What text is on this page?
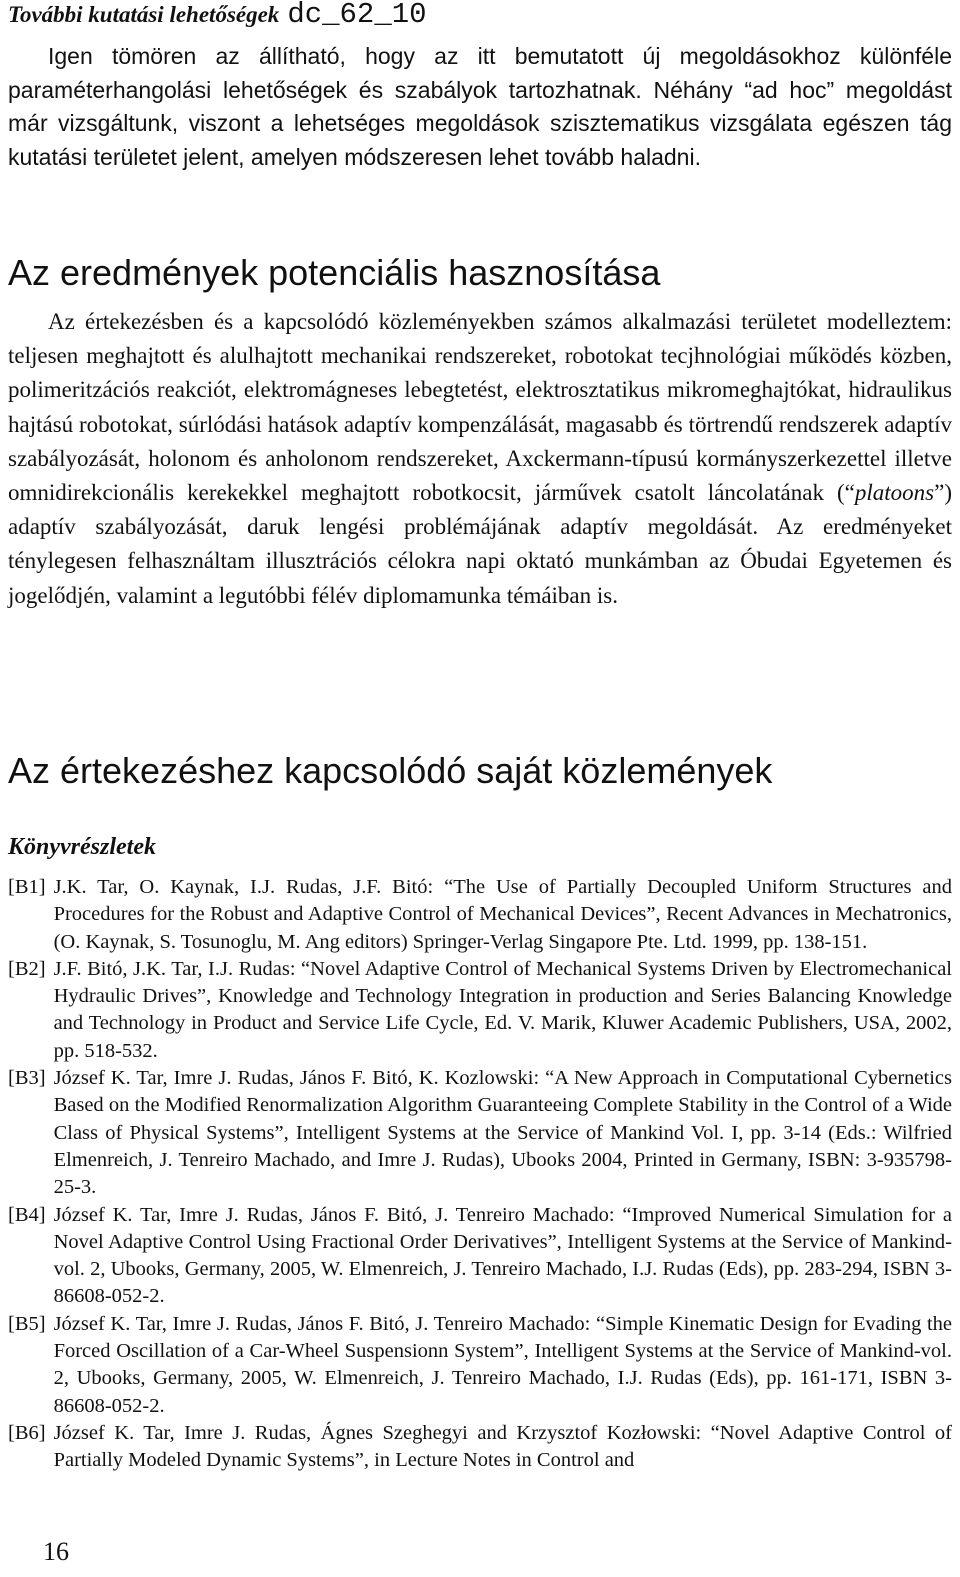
További kutatási lehetőségek dc_62_10

Igen tömören az állítható, hogy az itt bemutatott új megoldásokhoz különféle paraméterhangolási lehetőségek és szabályok tartozhatnak. Néhány “ad hoc” megoldást már vizsgáltunk, viszont a lehetséges megoldások szisztematikus vizsgálata egészen tág kutatási területet jelent, amelyen módszeresen lehet tovább haladni.

Az eredmények potenciális hasznosítása

Az értekezésben és a kapcsolódó közleményekben számos alkalmazási területet modelleztem: teljesen meghajtott és alulhajtott mechanikai rendszereket, robotokat tecjhnológiai működés közben, polimeritzációs reakciót, elektromágneses lebegtetést, elektrosztatikus mikromeghajtókat, hidraulikus hajtású robotokat, súrlódási hatások adaptív kompenzálását, magasabb és törtrendű rendszerek adaptív szabályozását, holonom és anholonom rendszereket, Axckermann-típusú kormányszerkezettel illetve omnidirekcionális kerekekkel meghajtott robotkocsit, járművek csatolt láncolatának (“platoons”) adaptív szabályozását, daruk lengési problémájának adaptív megoldását. Az eredményeket ténylegesen felhasználtam illusztrációs célokra napi oktató munkámban az Óbudai Egyetemen és jogelődjén, valamint a legutóbbi félév diplomamunka témáiban is.

Az értekezéshez kapcsolódó saját közlemények
Könyvrészletek
[B1] J.K. Tar, O. Kaynak, I.J. Rudas, J.F. Bitó: “The Use of Partially Decoupled Uniform Structures and Procedures for the Robust and Adaptive Control of Mechanical Devices”, Recent Advances in Mechatronics, (O. Kaynak, S. Tosunoglu, M. Ang editors) Springer-Verlag Singapore Pte. Ltd. 1999, pp. 138-151.
[B2] J.F. Bitó, J.K. Tar, I.J. Rudas: “Novel Adaptive Control of Mechanical Systems Driven by Electromechanical Hydraulic Drives”, Knowledge and Technology Integration in production and Series Balancing Knowledge and Technology in Product and Service Life Cycle, Ed. V. Marik, Kluwer Academic Publishers, USA, 2002, pp. 518-532.
[B3] József K. Tar, Imre J. Rudas, János F. Bitó, K. Kozlowski: “A New Approach in Computational Cybernetics Based on the Modified Renormalization Algorithm Guaranteeing Complete Stability in the Control of a Wide Class of Physical Systems”, Intelligent Systems at the Service of Mankind Vol. I, pp. 3-14 (Eds.: Wilfried Elmenreich, J. Tenreiro Machado, and Imre J. Rudas), Ubooks 2004, Printed in Germany, ISBN: 3-935798-25-3.
[B4] József K. Tar, Imre J. Rudas, János F. Bitó, J. Tenreiro Machado: “Improved Numerical Simulation for a Novel Adaptive Control Using Fractional Order Derivatives”, Intelligent Systems at the Service of Mankind-vol. 2, Ubooks, Germany, 2005, W. Elmenreich, J. Tenreiro Machado, I.J. Rudas (Eds), pp. 283-294, ISBN 3-86608-052-2.
[B5] József K. Tar, Imre J. Rudas, János F. Bitó, J. Tenreiro Machado: “Simple Kinematic Design for Evading the Forced Oscillation of a Car-Wheel Suspensionn System”, Intelligent Systems at the Service of Mankind-vol. 2, Ubooks, Germany, 2005, W. Elmenreich, J. Tenreiro Machado, I.J. Rudas (Eds), pp. 161-171, ISBN 3-86608-052-2.
[B6] József K. Tar, Imre J. Rudas, Ágnes Szeghegyi and Krzysztof Kozłowski: “Novel Adaptive Control of Partially Modeled Dynamic Systems”, in Lecture Notes in Control and
16
